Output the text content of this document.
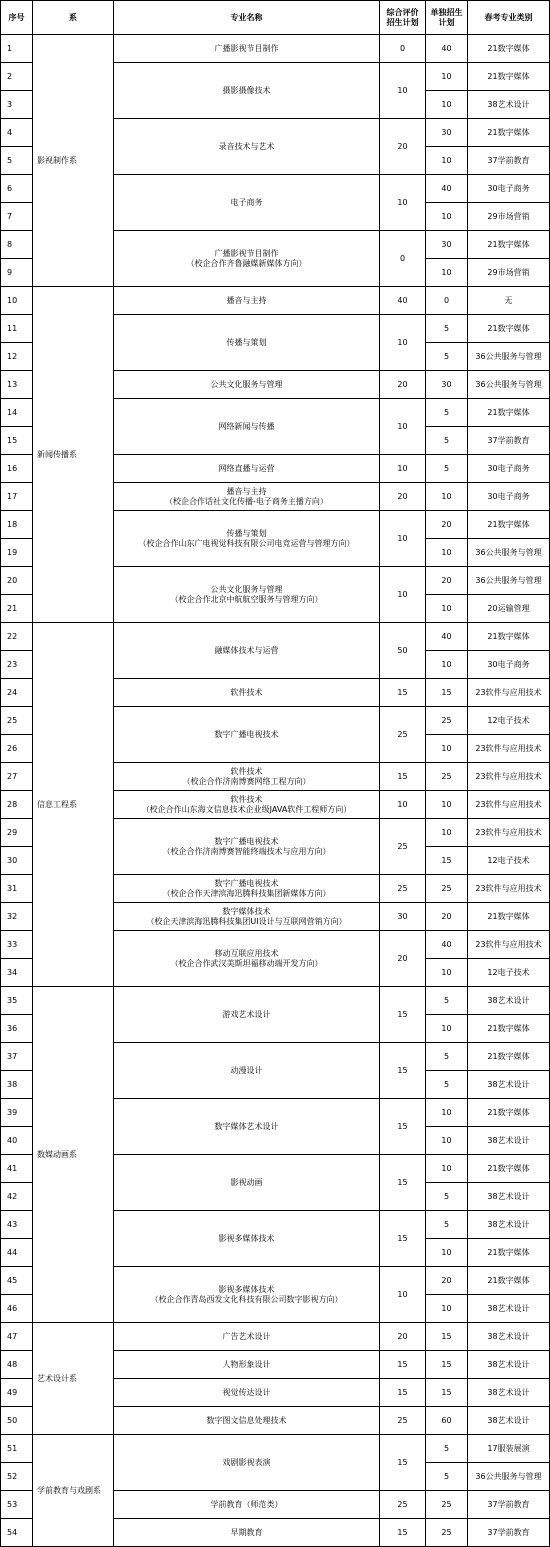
序号	系	专业名称	综合评价
招生计划	单独招生
计划	春考专业类别
1	影视制作系	广播影视节目制作	0	40	21数字媒体
2		摄影摄像技术	10	10	21数字媒体
3				10	38艺术设计
4		录音技术与艺术	20	30	21数字媒体
5				10	37学前教育
6		电子商务	10	40	30电子商务
7				10	29市场营销
8		广播影视节目制作
（校企合作齐鲁融媒新媒体方向）	0	30	21数字媒体
9				10	29市场营销
10	新闻传播系	播音与主持	40	0	无
11		传播与策划	10	5	21数字媒体
12				5	36公共服务与管理
13		公共文化服务与管理	20	30	36公共服务与管理
14		网络新闻与传播	10	5	21数字媒体
15				5	37学前教育
16		网络直播与运营	10	5	30电子商务
17		播音与主持
（校企合作话社文化传播-电子商务主播方向）	20	10	30电子商务
18		传播与策划
（校企合作山东广电视觉科技有限公司电竞运营与管理方向）	10	20	21数字媒体
19				10	36公共服务与管理
20		公共文化服务与管理
（校企合作北京中航航空服务与管理方向）	10	20	36公共服务与管理
21				10	20运输管理
22	信息工程系	融媒体技术与运营	50	40	21数字媒体
23				10	30电子商务
24		软件技术	15	15	23软件与应用技术
25		数字广播电视技术	25	25	12电子技术
26				10	23软件与应用技术
27		软件技术
（校企合作济南博赛网络工程方向）	15	25	23软件与应用技术
28		软件技术
（校企合作山东海文信息技术企业级JAVA软件工程师方向）	10	10	23软件与应用技术
29		数字广播电视技术
（校企合作济南博赛智能终端技术与应用方向）	25	10	23软件与应用技术
30				15	12电子技术
31		数字广播电视技术
（校企合作天津滨海迅腾科技集团新媒体方向）	25	25	23软件与应用技术
32		数字媒体技术
（校企天津滨海迅腾科技集团UI设计与互联网营销方向）	30	20	21数字媒体
33		移动互联应用技术
（校企合作武汉美斯坦福移动端开发方向）	20	40	23软件与应用技术
34				10	12电子技术
35	数媒动画系	游戏艺术设计	15	5	38艺术设计
36				10	21数字媒体
37		动漫设计	15	5	21数字媒体
38				5	38艺术设计
39		数字媒体艺术设计	15	10	21数字媒体
40				10	38艺术设计
41		影视动画	15	10	21数字媒体
42				5	38艺术设计
43		影视多媒体技术	15	5	38艺术设计
44				10	21数字媒体
45		影视多媒体技术
（校企合作青岛西发文化科技有限公司数字影视方向）	10	20	21数字媒体
46				10	38艺术设计
47	艺术设计系	广告艺术设计	20	15	38艺术设计
48		人物形象设计	15	15	38艺术设计
49		视觉传达设计	15	15	38艺术设计
50		数字图文信息处理技术	25	60	38艺术设计
51	学前教育与戏剧系	戏剧影视表演	15	5	17服装展演
52				5	36公共服务与管理
53		学前教育（师范类）	25	25	37学前教育
54		早期教育	15	25	37学前教育
